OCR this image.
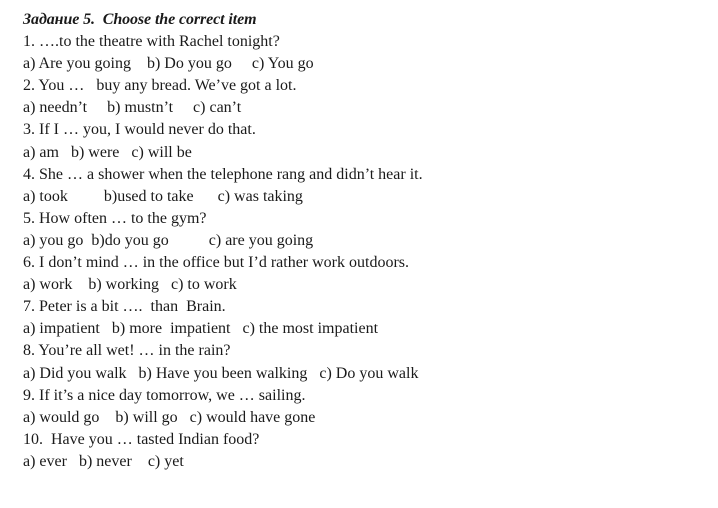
Задание 5.  Choose the correct item
1. ….to the theatre with Rachel tonight?
a) Are you going    b) Do you go     c) You go
2. You …   buy any bread. We’ve got a lot.
a) needn’t     b) mustn’t     c) can’t
3. If I … you, I would never do that.
a) am   b) were   c) will be
4. She … a shower when the telephone rang and didn’t hear it.
a) took         b)used to take      c) was taking
5. How often … to the gym?
a) you go  b)do you go          c) are you going
6. I don’t mind … in the office but I’d rather work outdoors.
a) work    b) working   c) to work
7. Peter is a bit ….  than  Brain.
a) impatient   b) more  impatient   c) the most impatient
8. You’re all wet! … in the rain?
a) Did you walk   b) Have you been walking   c) Do you walk
9. If it’s a nice day tomorrow, we … sailing.
a) would go    b) will go   c) would have gone
10.  Have you … tasted Indian food?
a) ever   b) never    c) yet
